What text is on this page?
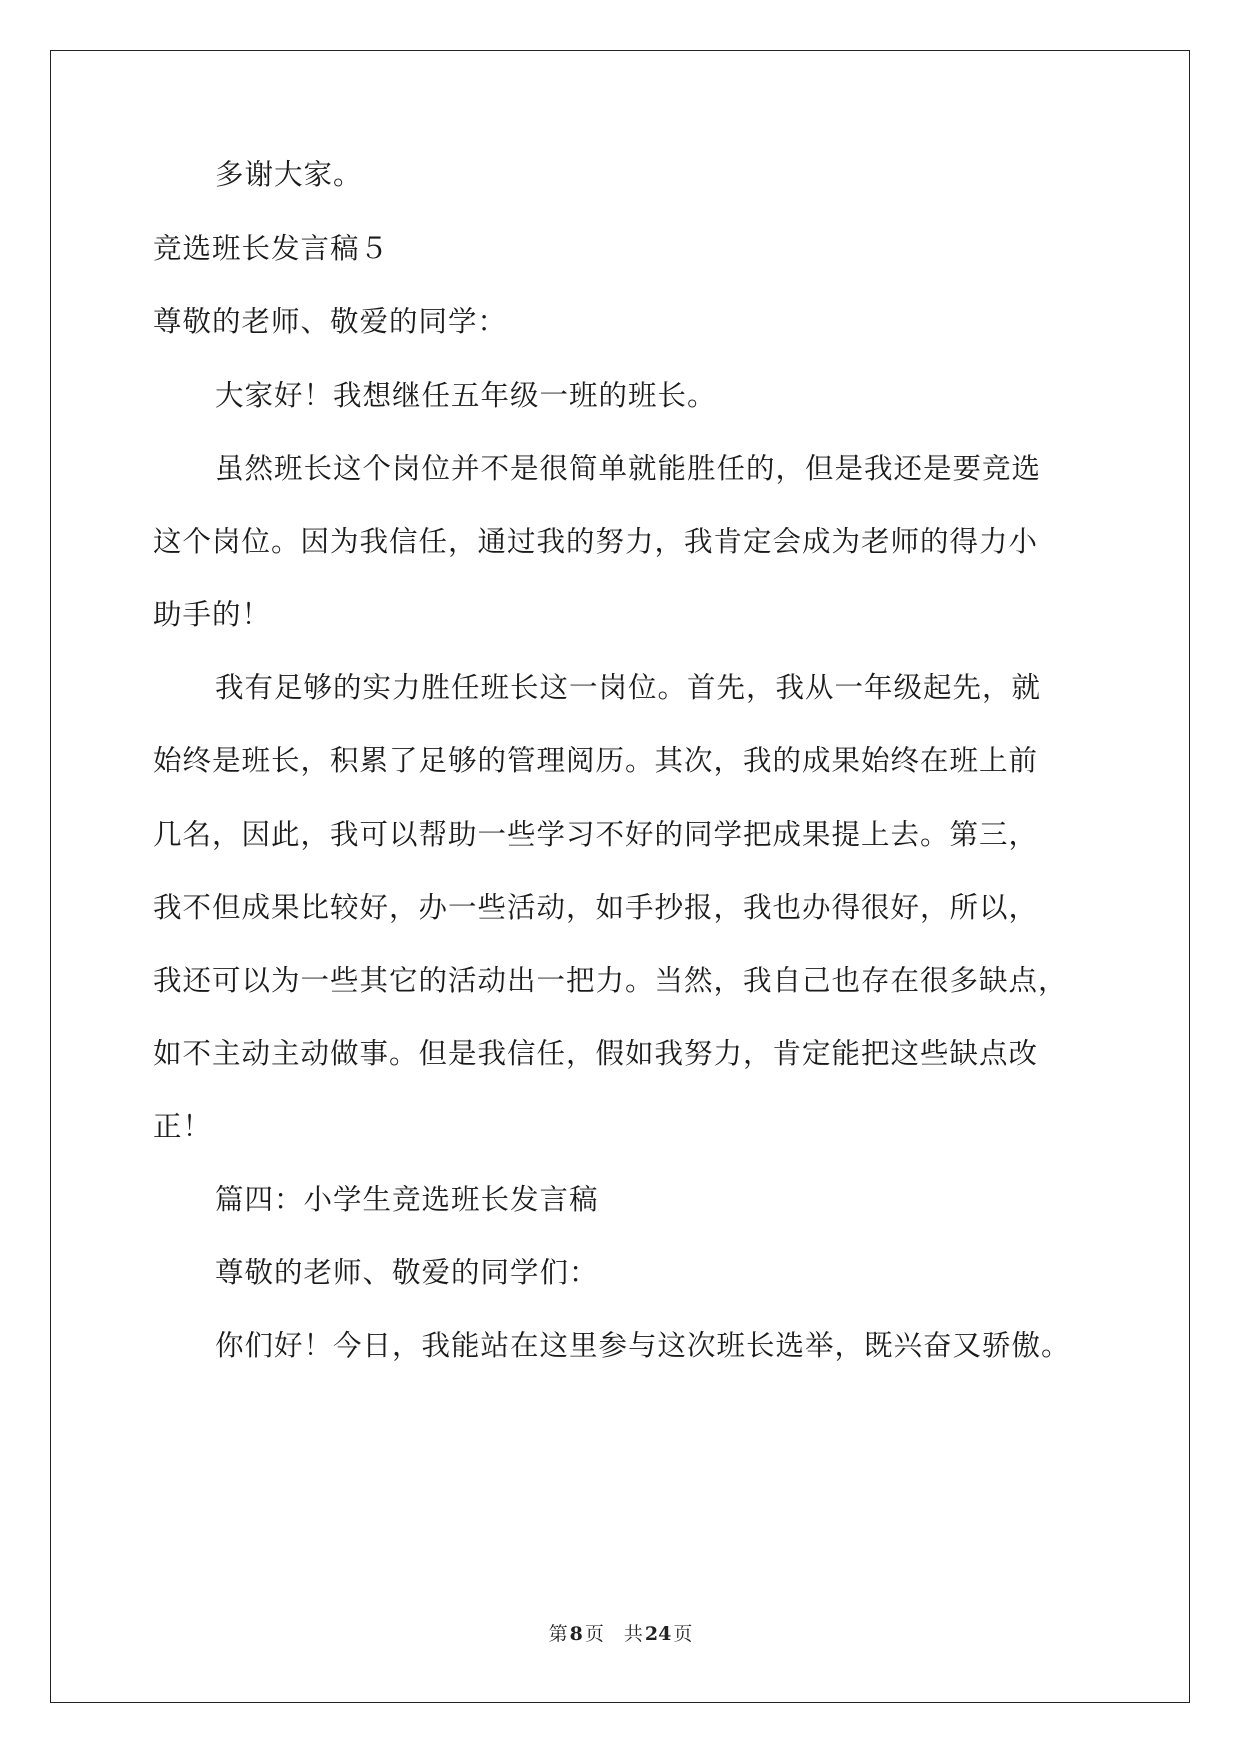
多谢大家。
竞选班长发言稿５
尊敬的老师、敬爱的同学：
大家好！我想继任五年级一班的班长。
虽然班长这个岗位并不是很简单就能胜任的，但是我还是要竞选
这个岗位。因为我信任，通过我的努力，我肯定会成为老师的得力小
助手的！
我有足够的实力胜任班长这一岗位。首先，我从一年级起先，就
始终是班长，积累了足够的管理阅历。其次，我的成果始终在班上前
几名，因此，我可以帮助一些学习不好的同学把成果提上去。第三，
我不但成果比较好，办一些活动，如手抄报，我也办得很好，所以，
我还可以为一些其它的活动出一把力。当然，我自己也存在很多缺点，
如不主动主动做事。但是我信任，假如我努力，肯定能把这些缺点改
正！
篇四：小学生竞选班长发言稿
尊敬的老师、敬爱的同学们：
你们好！今日，我能站在这里参与这次班长选举，既兴奋又骄傲。
第 8 页 共 24 页
